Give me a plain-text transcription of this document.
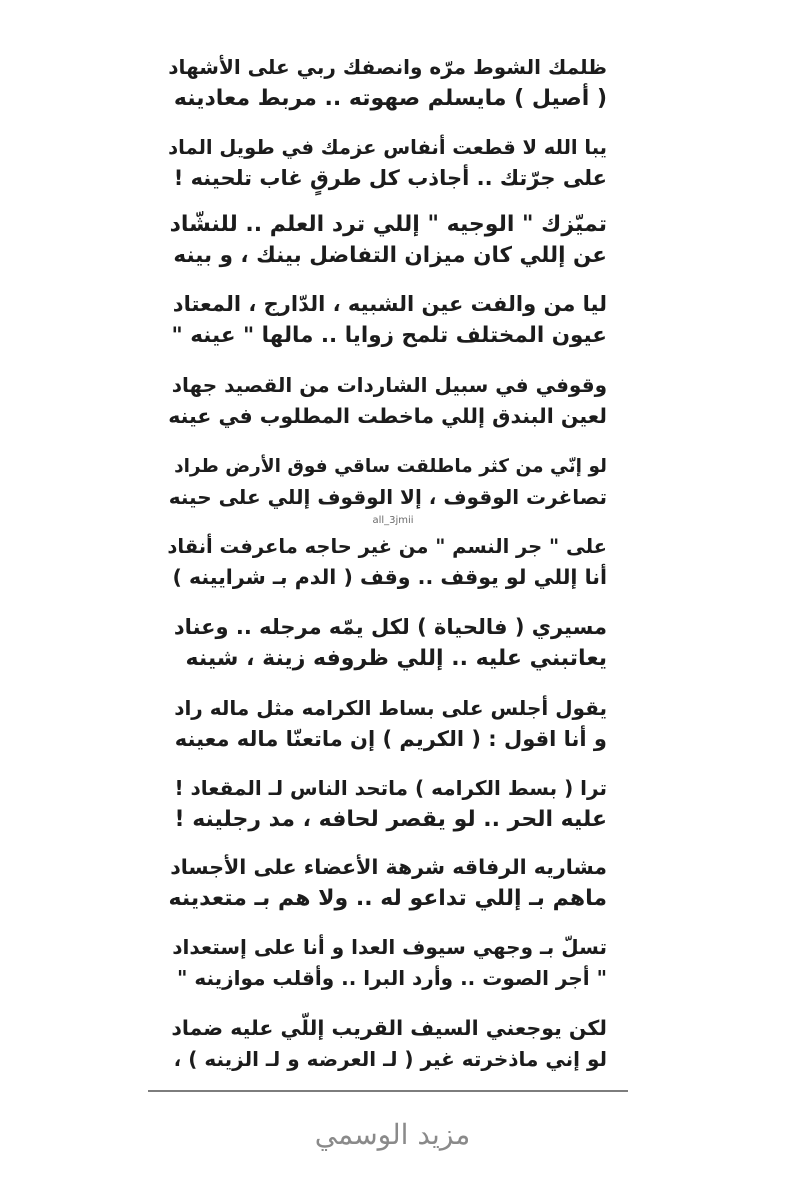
ظلمك الشوط مرّه وانصفك ربي على الأشهاد
( أصيل ) مايسلم صهوته .. مربط معادينه
يبا الله لا قطعت أنفاس عزمك في طويل الماد
على جرّتك .. أجاذب كل طرقٍ غاب تلحينه !
تميّزك " الوجيه " إللي ترد العلم .. للنشّاد
عن إللي كان ميزان التفاضل بينك ، و بينه
ليا من والفت عين الشبيه ، الدّارج ، المعتاد
عيون المختلف تلمح زوايا .. مالها " عينه "
وقوفي في سبيل الشاردات من القصيد جهاد
لعين البندق إللي ماخطت المطلوب في عينه
لو إنّي من كثر ماطلقت ساقي فوق الأرض طراد
تصاغرت الوقوف ، إلا الوقوف إللي على حينه
على " جر النسم " من غير حاجه ماعرفت أنقاد
أنا إللي لو يوقف .. وقف ( الدم بـ شرايينه )
مسيري ( فالحياة ) لكل يمّه مرجله .. وعناد
يعاتبني عليه .. إللي ظروفه زينة ، شينه
يقول أجلس على بساط الكرامه مثل ماله راد
و أنا اقول : ( الكريم ) إن ماتعنّا ماله معينه
ترا ( بسط الكرامه ) ماتحد الناس لـ المقعاد !
عليه الحر .. لو يقصر لحافه ، مد رجلينه !
مشاريه الرفاقه شرهة الأعضاء على الأجساد
ماهم بـ إللي تداعو له .. ولا هم بـ متعدينه
تسلّ بـ وجهي سيوف العدا و أنا على إستعداد
" أجر الصوت .. وأرد البرا .. وأقلب موازينه "
لكن يوجعني السيف القريب إللّي عليه ضماد
لو إني ماذخرته غير ( لـ العرضه و لـ الزينه ) ،
all_3jmii
مزيد الوسمي
